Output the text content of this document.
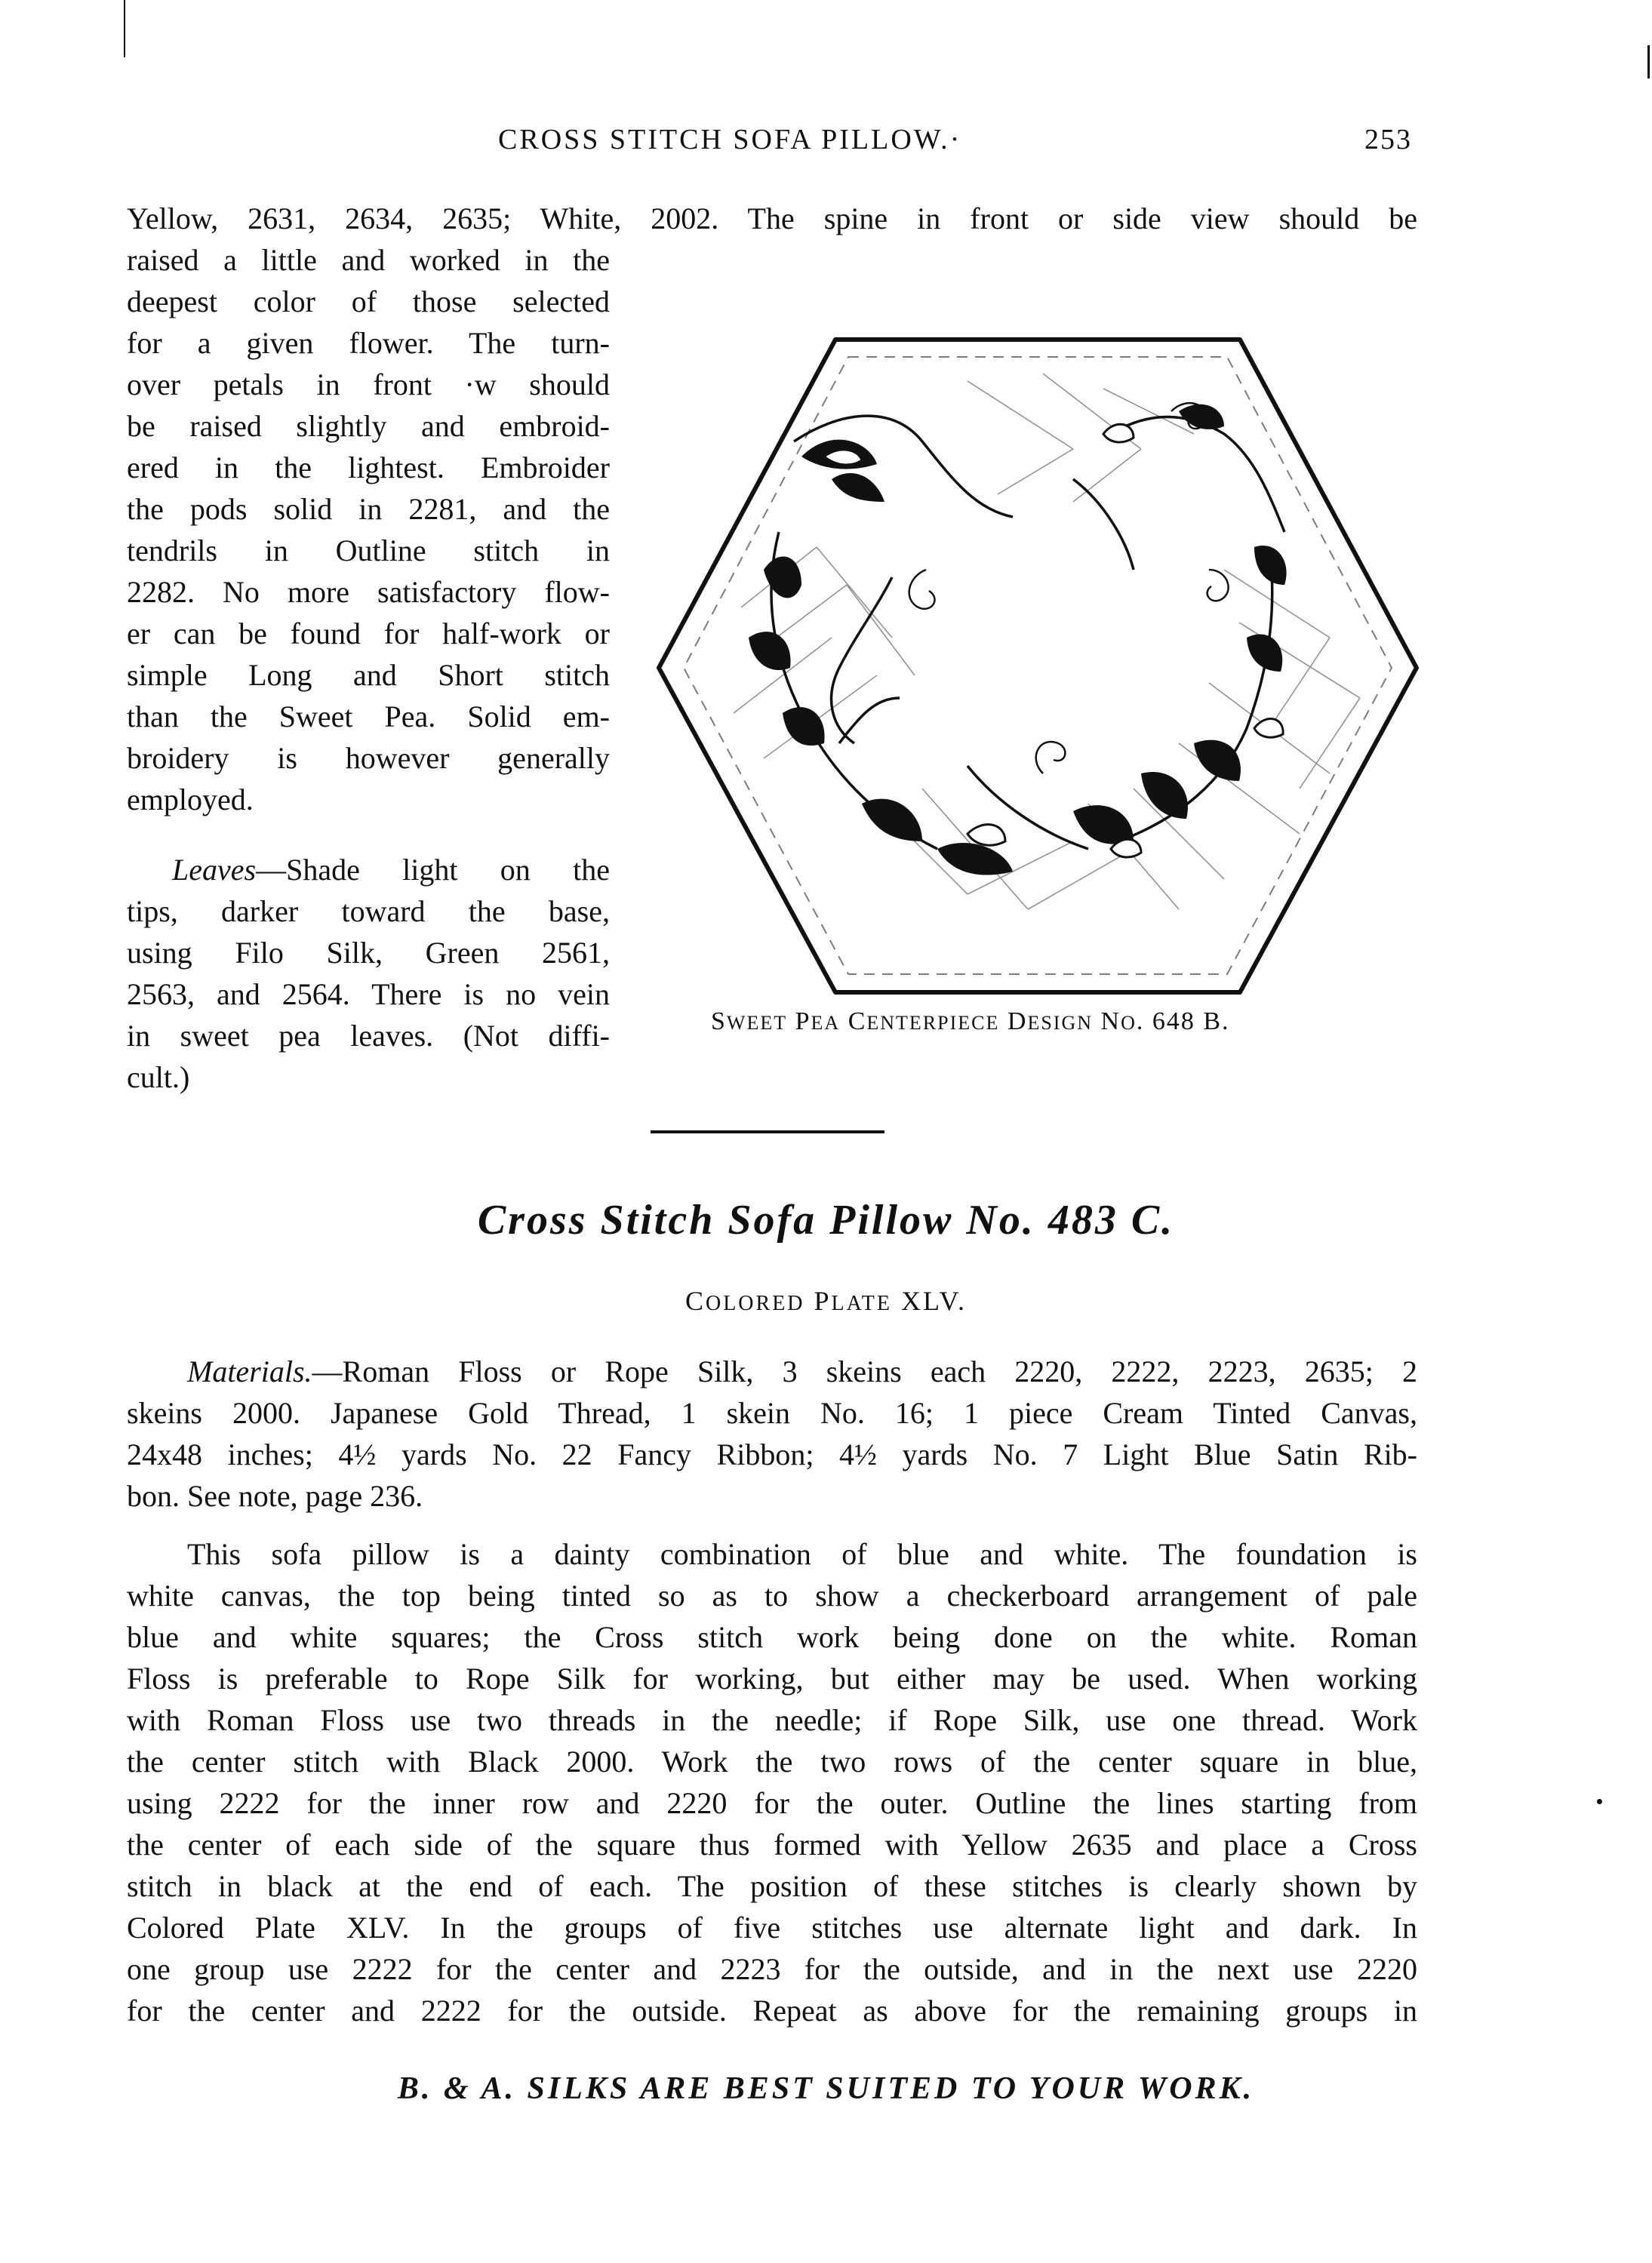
CROSS STITCH SOFA PILLOW.·	253
Yellow, 2631, 2634, 2635; White, 2002. The spine in front or side view should be
raised a little and worked in the
deepest color of those selected
for a given flower. The turn-
over petals in front ·w should
be raised slightly and embroid-
ered in the lightest. Embroider
the pods solid in 2281, and the
tendrils in Outline stitch in
2282. No more satisfactory flow-
er can be found for half-work or
simple Long and Short stitch
than the Sweet Pea. Solid em-
broidery is however generally
employed.
Leaves—Shade light on the
tips, darker toward the base,
using Filo Silk, Green 2561,
2563, and 2564. There is no vein
in sweet pea leaves. (Not diffi-
cult.)
SWEET PEA CENTERPIECE DESIGN NO. 648 B.
Cross Stitch Sofa Pillow No. 483 C.
COLORED PLATE XLV.
Materials.—Roman Floss or Rope Silk, 3 skeins each 2220, 2222, 2223, 2635; 2
skeins 2000. Japanese Gold Thread, 1 skein No. 16; 1 piece Cream Tinted Canvas,
24x48 inches; 4½ yards No. 22 Fancy Ribbon; 4½ yards No. 7 Light Blue Satin Rib-
bon. See note, page 236.
This sofa pillow is a dainty combination of blue and white. The foundation is
white canvas, the top being tinted so as to show a checkerboard arrangement of pale
blue and white squares; the Cross stitch work being done on the white. Roman
Floss is preferable to Rope Silk for working, but either may be used. When working
with Roman Floss use two threads in the needle; if Rope Silk, use one thread. Work
the center stitch with Black 2000. Work the two rows of the center square in blue,
using 2222 for the inner row and 2220 for the outer. Outline the lines starting from
the center of each side of the square thus formed with Yellow 2635 and place a Cross
stitch in black at the end of each. The position of these stitches is clearly shown by
Colored Plate XLV. In the groups of five stitches use alternate light and dark. In
one group use 2222 for the center and 2223 for the outside, and in the next use 2220
for the center and 2222 for the outside. Repeat as above for the remaining groups in
B. & A. SILKS ARE BEST SUITED TO YOUR WORK.
